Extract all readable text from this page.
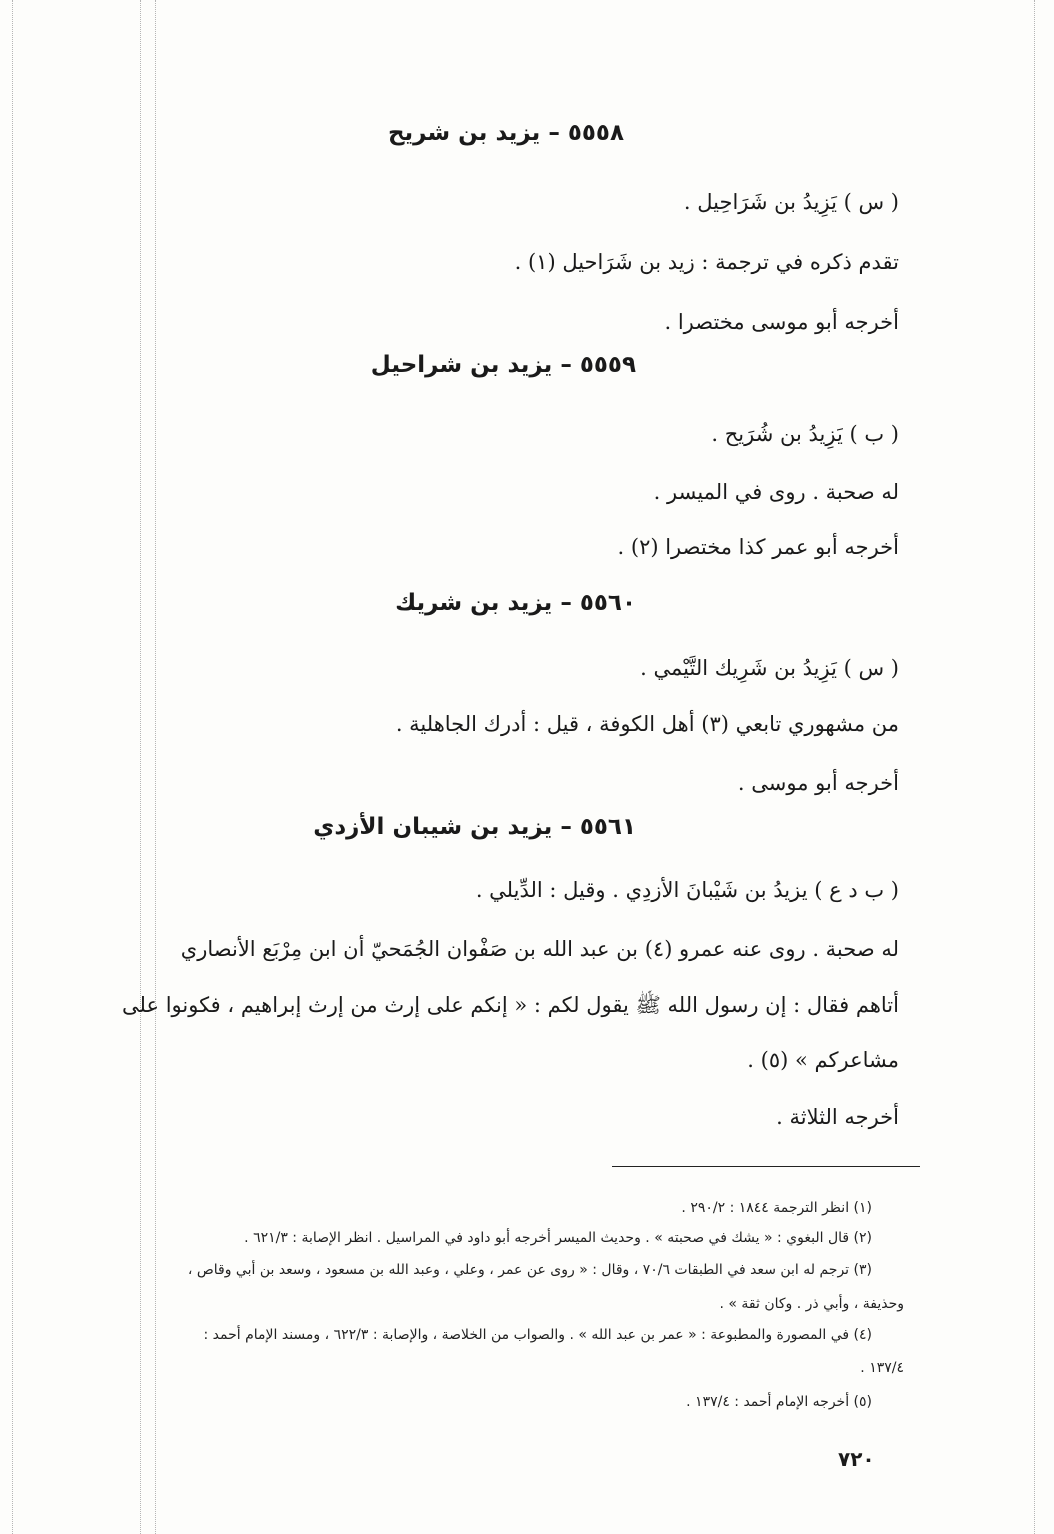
٥٥٥٨ – يزيد بن شريح
( س ) يَزِيدُ بن شَرَاحِيل .
تقدم ذكره في ترجمة : زيد بن شَرَاحيل (١) .
أخرجه أبو موسى مختصرا .
٥٥٥٩ – يزيد بن شراحيل
( ب ) يَزِيدُ بن شُرَيح .
له صحبة . روى في الميسر .
أخرجه أبو عمر كذا مختصرا (٢) .
٥٥٦٠ – يزيد بن شريك
( س ) يَزِيدُ بن شَرِيك التَّيْمي .
من مشهوري تابعي (٣) أهل الكوفة ، قيل : أدرك الجاهلية .
أخرجه أبو موسى .
٥٥٦١ – يزيد بن شيبان الأزدي
( ب د ع ) يزيدُ بن شَيْبانَ الأزدِي . وقيل : الدِّيلي .
له صحبة . روى عنه عمرو (٤) بن عبد الله بن صَفْوان الجُمَحيّ أن ابن مِرْبَع الأنصاري
أتاهم فقال : إن رسول الله ﷺ يقول لكم : « إنكم على إرث من إرث إبراهيم ، فكونوا على
مشاعركم » (٥) .
أخرجه الثلاثة .
(١) انظر الترجمة ١٨٤٤ : ٢٩٠/٢ .
(٢) قال البغوي : « يشك في صحبته » . وحديث الميسر أخرجه أبو داود في المراسيل . انظر الإصابة : ٦٢١/٣ .
(٣) ترجم له ابن سعد في الطبقات ٧٠/٦ ، وقال : « روى عن عمر ، وعلي ، وعبد الله بن مسعود ، وسعد بن أبي وقاص ،
وحذيفة ، وأبي ذر . وكان ثقة » .
(٤) في المصورة والمطبوعة : « عمر بن عبد الله » . والصواب من الخلاصة ، والإصابة : ٦٢٢/٣ ، ومسند الإمام أحمد :
١٣٧/٤ .
(٥) أخرجه الإمام أحمد : ١٣٧/٤ .
٧٢٠
